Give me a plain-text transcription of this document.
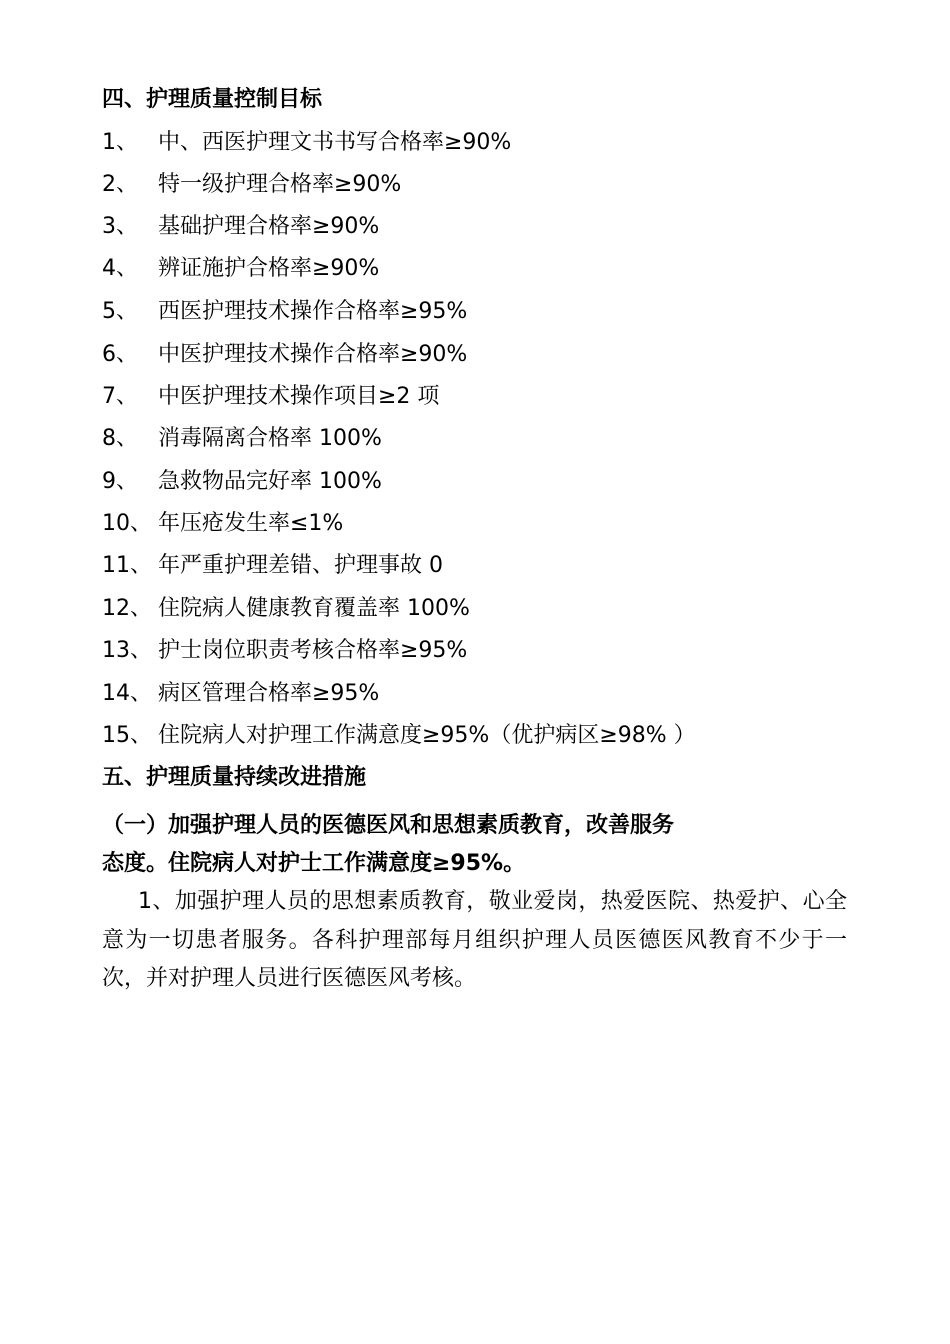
四、护理质量控制目标
1、 中、西医护理文书书写合格率≥90%
2、 特一级护理合格率≥90%
3、 基础护理合格率≥90%
4、 辨证施护合格率≥90%
5、 西医护理技术操作合格率≥95%
6、 中医护理技术操作合格率≥90%
7、 中医护理技术操作项目≥2 项
8、 消毒隔离合格率 100%
9、 急救物品完好率 100%
10、 年压疮发生率≤1%
11、 年严重护理差错、护理事故 0
12、 住院病人健康教育覆盖率 100%
13、 护士岗位职责考核合格率≥95%
14、 病区管理合格率≥95%
15、 住院病人对护理工作满意度≥95%（优护病区≥98% ）
五、护理质量持续改进措施
（一）加强护理人员的医德医风和思想素质教育，改善服务
态度。住院病人对护士工作满意度≥95%。
1、加强护理人员的思想素质教育，敬业爱岗，热爱医院、热爱护、心全意为一切患者服务。各科护理部每月组织护理人员医德医风教育不少于一次，并对护理人员进行医德医风考核。
